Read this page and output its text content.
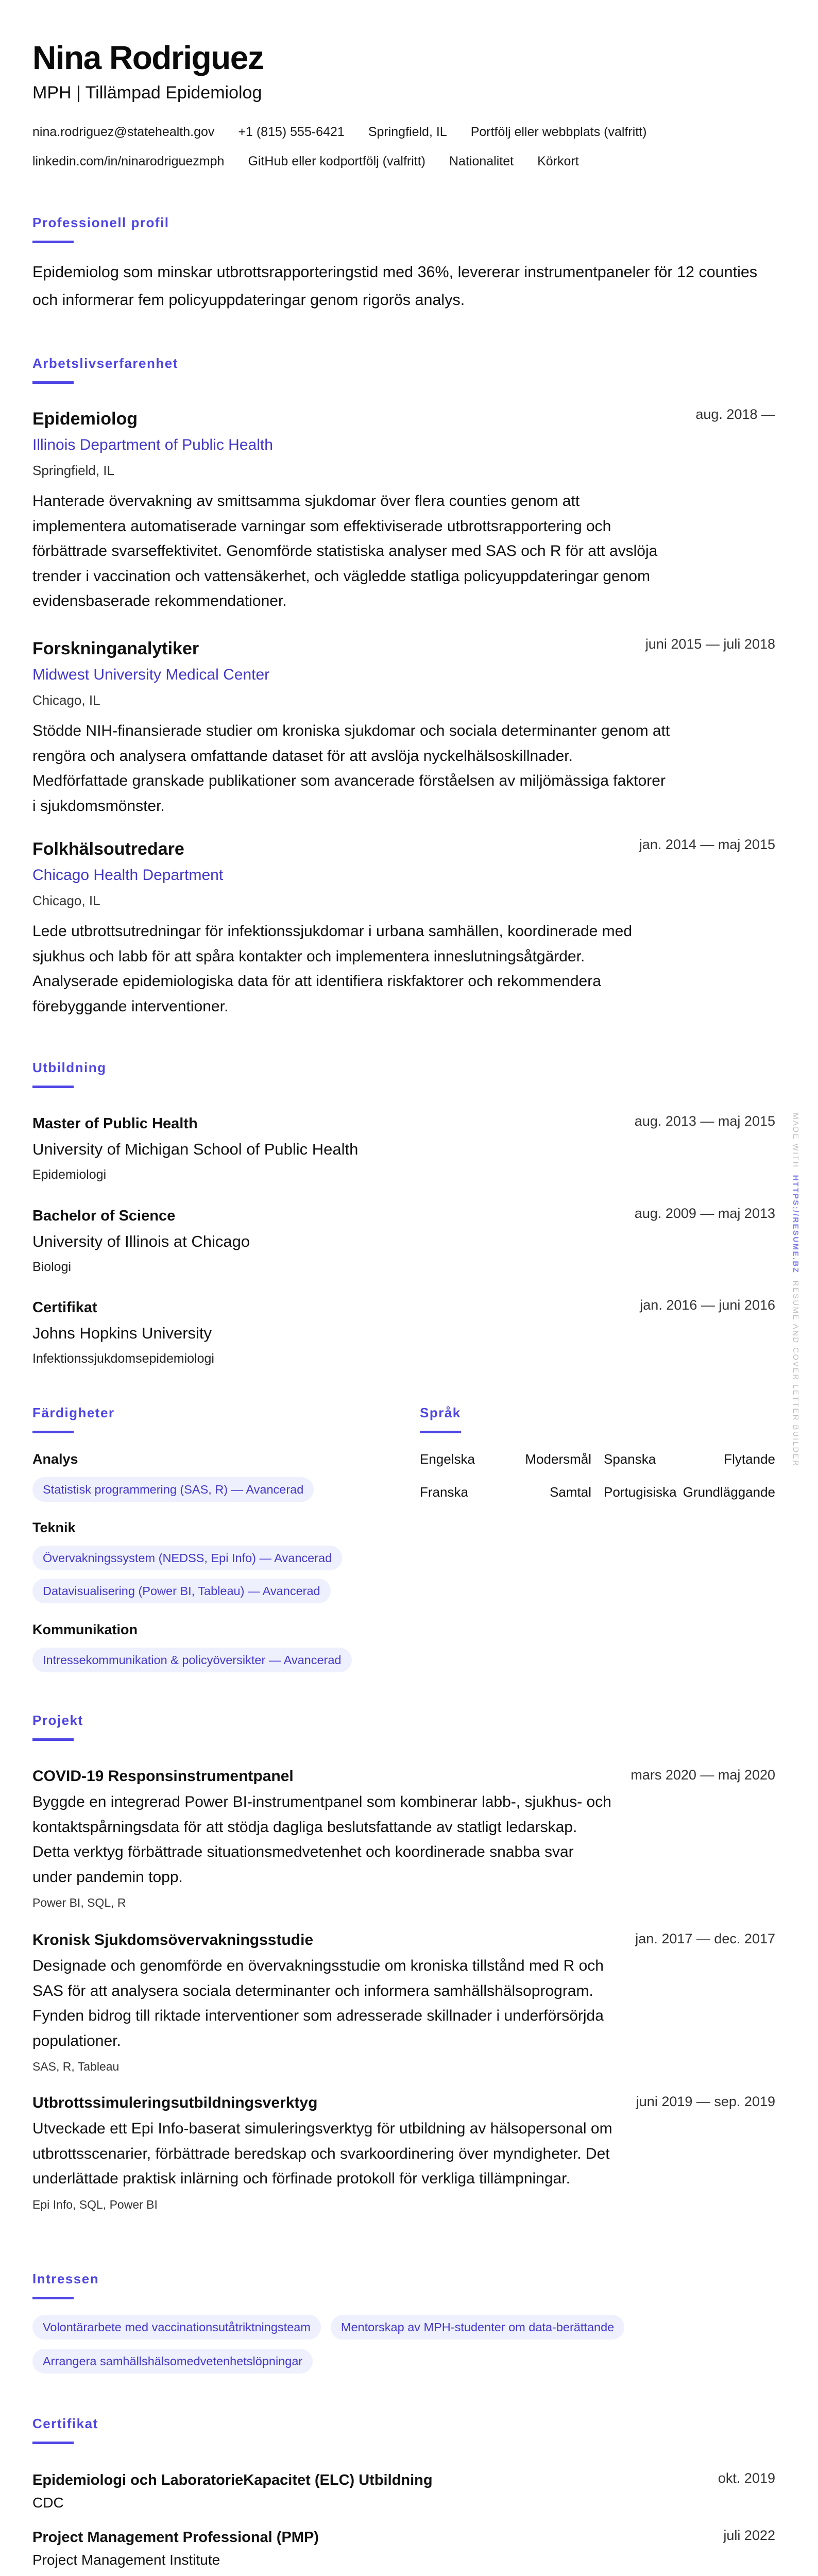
Nina Rodriguez
MPH | Tillämpad Epidemiolog
nina.rodriguez@statehealth.gov +1 (815) 555-6421 Springfield, IL Portfölj eller webbplats (valfritt)
linkedin.com/in/ninarodriguezmph GitHub eller kodportfölj (valfritt) Nationalitet Körkort
Professionell profil
Epidemiolog som minskar utbrottsrapporteringstid med 36%, levererar instrumentpaneler för 12 counties och informerar fem policyuppdateringar genom rigorös analys.
Arbetslivserfarenhet
aug. 2018 —
Epidemiolog
Illinois Department of Public Health
Springfield, IL
Hanterade övervakning av smittsamma sjukdomar över flera counties genom att implementera automatiserade varningar som effektiviserade utbrottsrapportering och förbättrade svarseffektivitet. Genomförde statistiska analyser med SAS och R för att avslöja trender i vaccination och vattensäkerhet, och vägledde statliga policyuppdateringar genom evidensbaserade rekommendationer.
juni 2015 — juli 2018
Forskninganalytiker
Midwest University Medical Center
Chicago, IL
Stödde NIH-finansierade studier om kroniska sjukdomar och sociala determinanter genom att rengöra och analysera omfattande dataset för att avslöja nyckelhälsoskillnader. Medförfattade granskade publikationer som avancerade förståelsen av miljömässiga faktorer i sjukdomsmönster.
jan. 2014 — maj 2015
Folkhälsoutredare
Chicago Health Department
Chicago, IL
Lede utbrottsutredningar för infektionssjukdomar i urbana samhällen, koordinerade med sjukhus och labb för att spåra kontakter och implementera inneslutningsåtgärder. Analyserade epidemiologiska data för att identifiera riskfaktorer och rekommendera förebyggande interventioner.
Utbildning
aug. 2013 — maj 2015
Master of Public Health
University of Michigan School of Public Health
Epidemiologi
aug. 2009 — maj 2013
Bachelor of Science
University of Illinois at Chicago
Biologi
jan. 2016 — juni 2016
Certifikat
Johns Hopkins University
Infektionssjukdomsepidemiologi
Färdigheter
Analys
Statistisk programmering (SAS, R) — Avancerad
Teknik
Övervakningssystem (NEDSS, Epi Info) — Avancerad
Datavisualisering (Power BI, Tableau) — Avancerad
Kommunikation
Intressekommunikation & policyöversikter — Avancerad
Språk
Engelska	Modersmål Spanska	Flytande
Franska	Samtal Portugisiska Grundläggande
Projekt
mars 2020 — maj 2020
COVID-19 Responsinstrumentpanel
Byggde en integrerad Power BI-instrumentpanel som kombinerar labb-, sjukhus- och kontaktspårningsdata för att stödja dagliga beslutsfattande av statligt ledarskap. Detta verktyg förbättrade situationsmedvetenhet och koordinerade snabba svar under pandemin topp.
Power BI, SQL, R
jan. 2017 — dec. 2017
Kronisk Sjukdomsövervakningsstudie
Designade och genomförde en övervakningsstudie om kroniska tillstånd med R och SAS för att analysera sociala determinanter och informera samhällshälsoprogram. Fynden bidrog till riktade interventioner som adresserade skillnader i underförsörjda populationer.
SAS, R, Tableau
juni 2019 — sep. 2019
Utbrottssimuleringsutbildningsverktyg
Utveckade ett Epi Info-baserat simuleringsverktyg för utbildning av hälsopersonal om utbrottsscenarier, förbättrade beredskap och svarkoordinering över myndigheter. Det underlättade praktisk inlärning och förfinade protokoll för verkliga tillämpningar.
Epi Info, SQL, Power BI
Intressen
Volontärarbete med vaccinationsutåtriktningsteam	Mentorskap av MPH-studenter om data-berättande
Arrangera samhällshälsomedvetenhetslöpningar
Certifikat
okt. 2019
Epidemiologi och LaboratorieKapacitet (ELC) Utbildning
CDC
juli 2022
Project Management Professional (PMP)
Project Management Institute
MADE WITH  HTTPS://RESUME.BZ  RESUME AND COVER LETTER BUILDER
